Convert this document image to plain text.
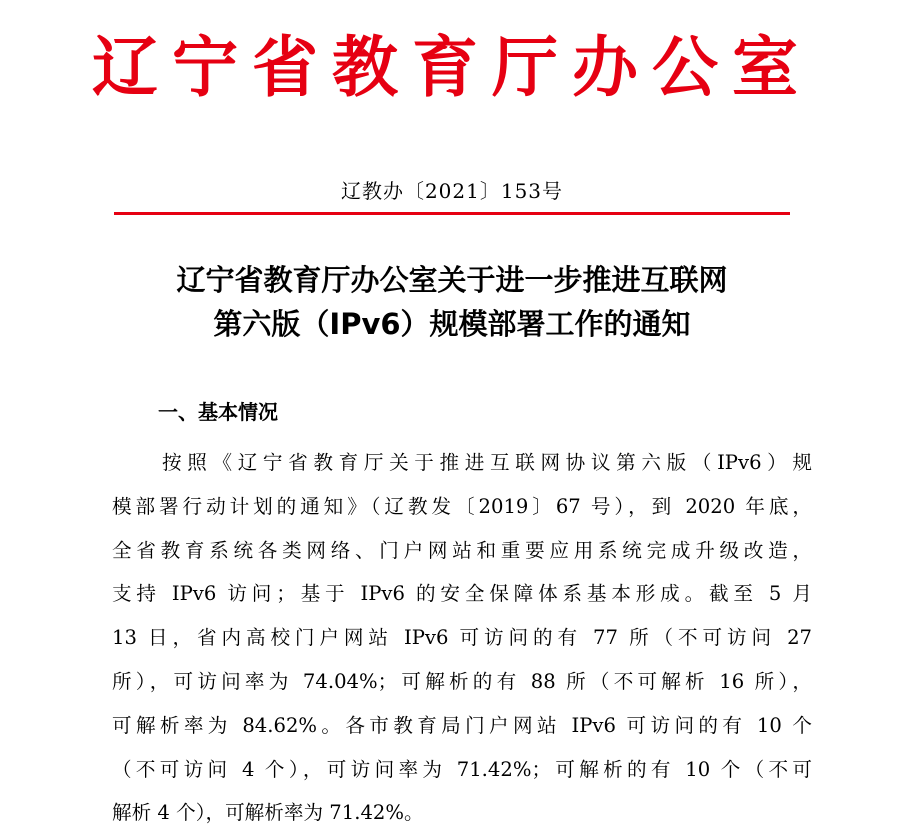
辽宁省教育厅办公室
辽教办〔2021〕153号
辽宁省教育厅办公室关于进一步推进互联网
第六版（IPv6）规模部署工作的通知
一、基本情况
按照《辽宁省教育厅关于推进互联网协议第六版（IPv6）规
模部署行动计划的通知》（辽教发〔2019〕67 号），到 2020 年底，
全省教育系统各类网络、门户网站和重要应用系统完成升级改造，
支持 IPv6 访问；基于 IPv6 的安全保障体系基本形成。截至 5 月
13 日，省内高校门户网站 IPv6 可访问的有 77 所（不可访问 27
所），可访问率为 74.04%；可解析的有 88 所（不可解析 16 所），
可解析率为 84.62%。各市教育局门户网站 IPv6 可访问的有 10 个
（不可访问 4 个），可访问率为 71.42%；可解析的有 10 个（不可
解析 4 个），可解析率为 71.42%。
